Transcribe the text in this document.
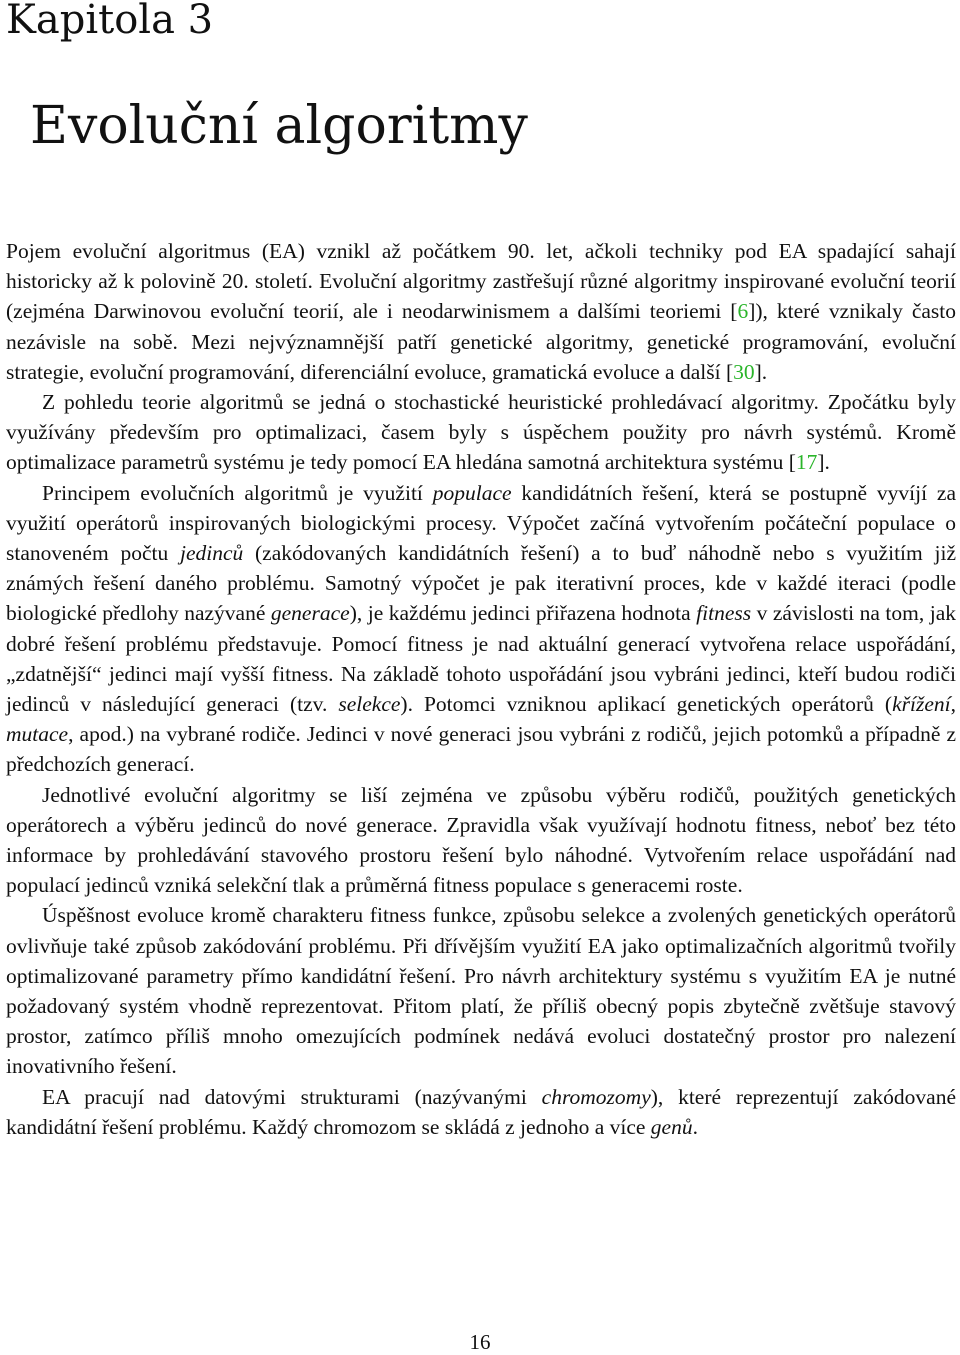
Kapitola 3
Evoluční algoritmy

Pojem evoluční algoritmus (EA) vznikl až počátkem 90. let, ačkoli techniky pod EA spadající sahají historicky až k polovině 20. století. Evoluční algoritmy zastřešují různé algoritmy inspirované evoluční teorií (zejména Darwinovou evoluční teorií, ale i neodarwinismem a dalšími teoriemi [6]), které vznikaly často nezávisle na sobě. Mezi nejvýznamnější patří genetické algoritmy, genetické programování, evoluční strategie, evoluční programování, diferenciální evoluce, gramatická evoluce a další [30].

Z pohledu teorie algoritmů se jedná o stochastické heuristické prohledávací algoritmy. Zpočátku byly využívány především pro optimalizaci, časem byly s úspěchem použity pro návrh systémů. Kromě optimalizace parametrů systému je tedy pomocí EA hledána samotná architektura systému [17].

Principem evolučních algoritmů je využití populace kandidátních řešení, která se postupně vyvíjí za využití operátorů inspirovaných biologickými procesy. Výpočet začíná vytvořením počáteční populace o stanoveném počtu jedinců (zakódovaných kandidátních řešení) a to buď náhodně nebo s využitím již známých řešení daného problému. Samotný výpočet je pak iterativní proces, kde v každé iteraci (podle biologické předlohy nazývané generace), je každému jedinci přiřazena hodnota fitness v závislosti na tom, jak dobré řešení problému představuje. Pomocí fitness je nad aktuální generací vytvořena relace uspořádání, „zdatnější“ jedinci mají vyšší fitness. Na základě tohoto uspořádání jsou vybráni jedinci, kteří budou rodiči jedinců v následující generaci (tzv. selekce). Potomci vzniknou aplikací genetických operátorů (křížení, mutace, apod.) na vybrané rodiče. Jedinci v nové generaci jsou vybráni z rodičů, jejich potomků a případně z předchozích generací.

Jednotlivé evoluční algoritmy se liší zejména ve způsobu výběru rodičů, použitých genetických operátorech a výběru jedinců do nové generace. Zpravidla však využívají hodnotu fitness, neboť bez této informace by prohledávání stavového prostoru řešení bylo náhodné. Vytvořením relace uspořádání nad populací jedinců vzniká selekční tlak a průměrná fitness populace s generacemi roste.

Úspěšnost evoluce kromě charakteru fitness funkce, způsobu selekce a zvolených genetických operátorů ovlivňuje také způsob zakódování problému. Při dřívějším využití EA jako optimalizačních algoritmů tvořily optimalizované parametry přímo kandidátní řešení. Pro návrh architektury systému s využitím EA je nutné požadovaný systém vhodně reprezentovat. Přitom platí, že příliš obecný popis zbytečně zvětšuje stavový prostor, zatímco příliš mnoho omezujících podmínek nedává evoluci dostatečný prostor pro nalezení inovativního řešení.

EA pracují nad datovými strukturami (nazývanými chromozomy), které reprezentují zakódované kandidátní řešení problému. Každý chromozom se skládá z jednoho a více genů.

16
